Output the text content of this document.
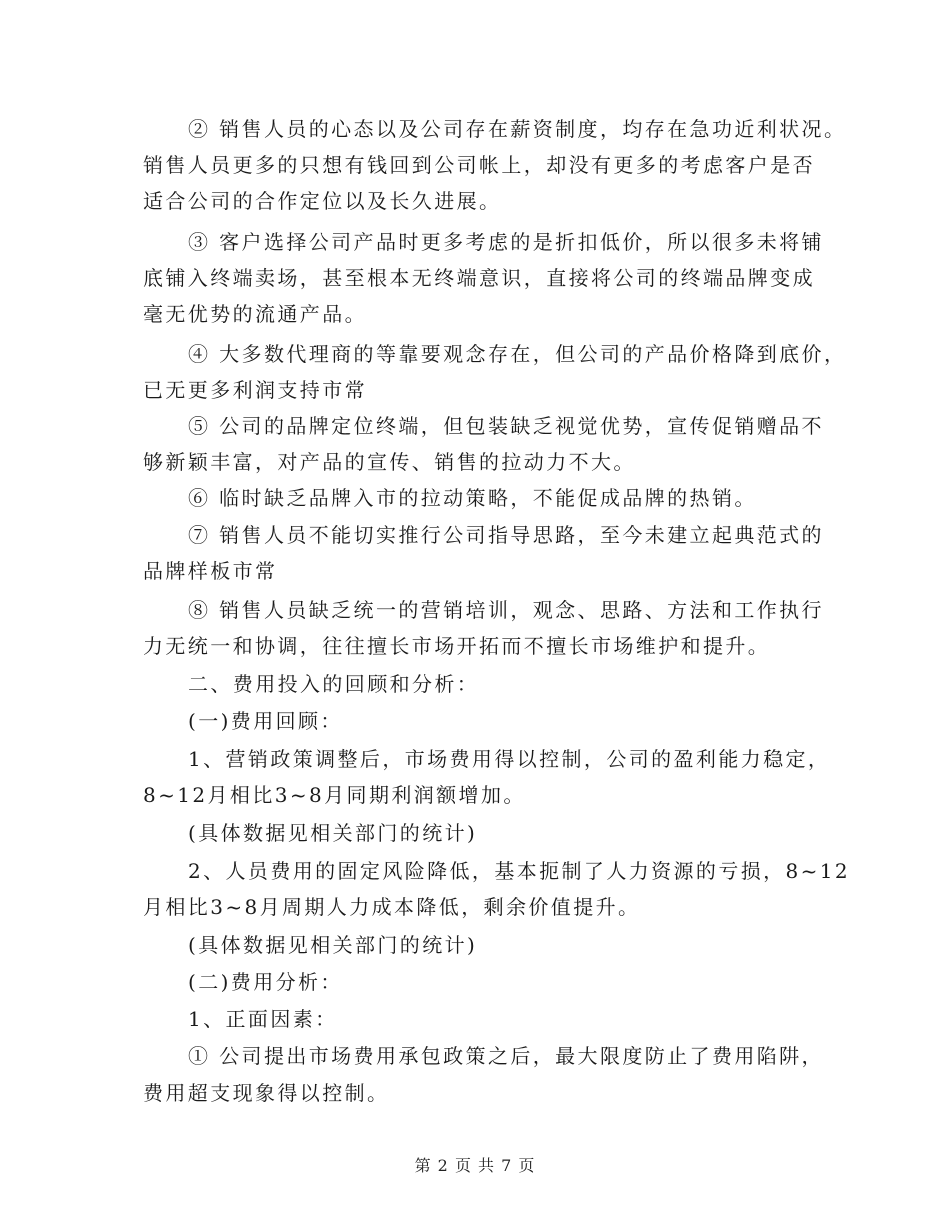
② 销售人员的心态以及公司存在薪资制度，均存在急功近利状况。
销售人员更多的只想有钱回到公司帐上，却没有更多的考虑客户是否
适合公司的合作定位以及长久进展。
③ 客户选择公司产品时更多考虑的是折扣低价，所以很多未将铺
底铺入终端卖场，甚至根本无终端意识，直接将公司的终端品牌变成
毫无优势的流通产品。
④ 大多数代理商的等靠要观念存在，但公司的产品价格降到底价，
已无更多利润支持市常
⑤ 公司的品牌定位终端，但包装缺乏视觉优势，宣传促销赠品不
够新颖丰富，对产品的宣传、销售的拉动力不大。
⑥ 临时缺乏品牌入市的拉动策略，不能促成品牌的热销。
⑦ 销售人员不能切实推行公司指导思路，至今未建立起典范式的
品牌样板市常
⑧ 销售人员缺乏统一的营销培训，观念、思路、方法和工作执行
力无统一和协调，往往擅长市场开拓而不擅长市场维护和提升。
二、费用投入的回顾和分析：
(一)费用回顾：
1、营销政策调整后，市场费用得以控制，公司的盈利能力稳定，
8~12月相比3~8月同期利润额增加。
(具体数据见相关部门的统计)
2、人员费用的固定风险降低，基本扼制了人力资源的亏损，8~12
月相比3~8月周期人力成本降低，剩余价值提升。
(具体数据见相关部门的统计)
(二)费用分析：
1、正面因素：
① 公司提出市场费用承包政策之后，最大限度防止了费用陷阱，
费用超支现象得以控制。
第 2 页 共 7 页
